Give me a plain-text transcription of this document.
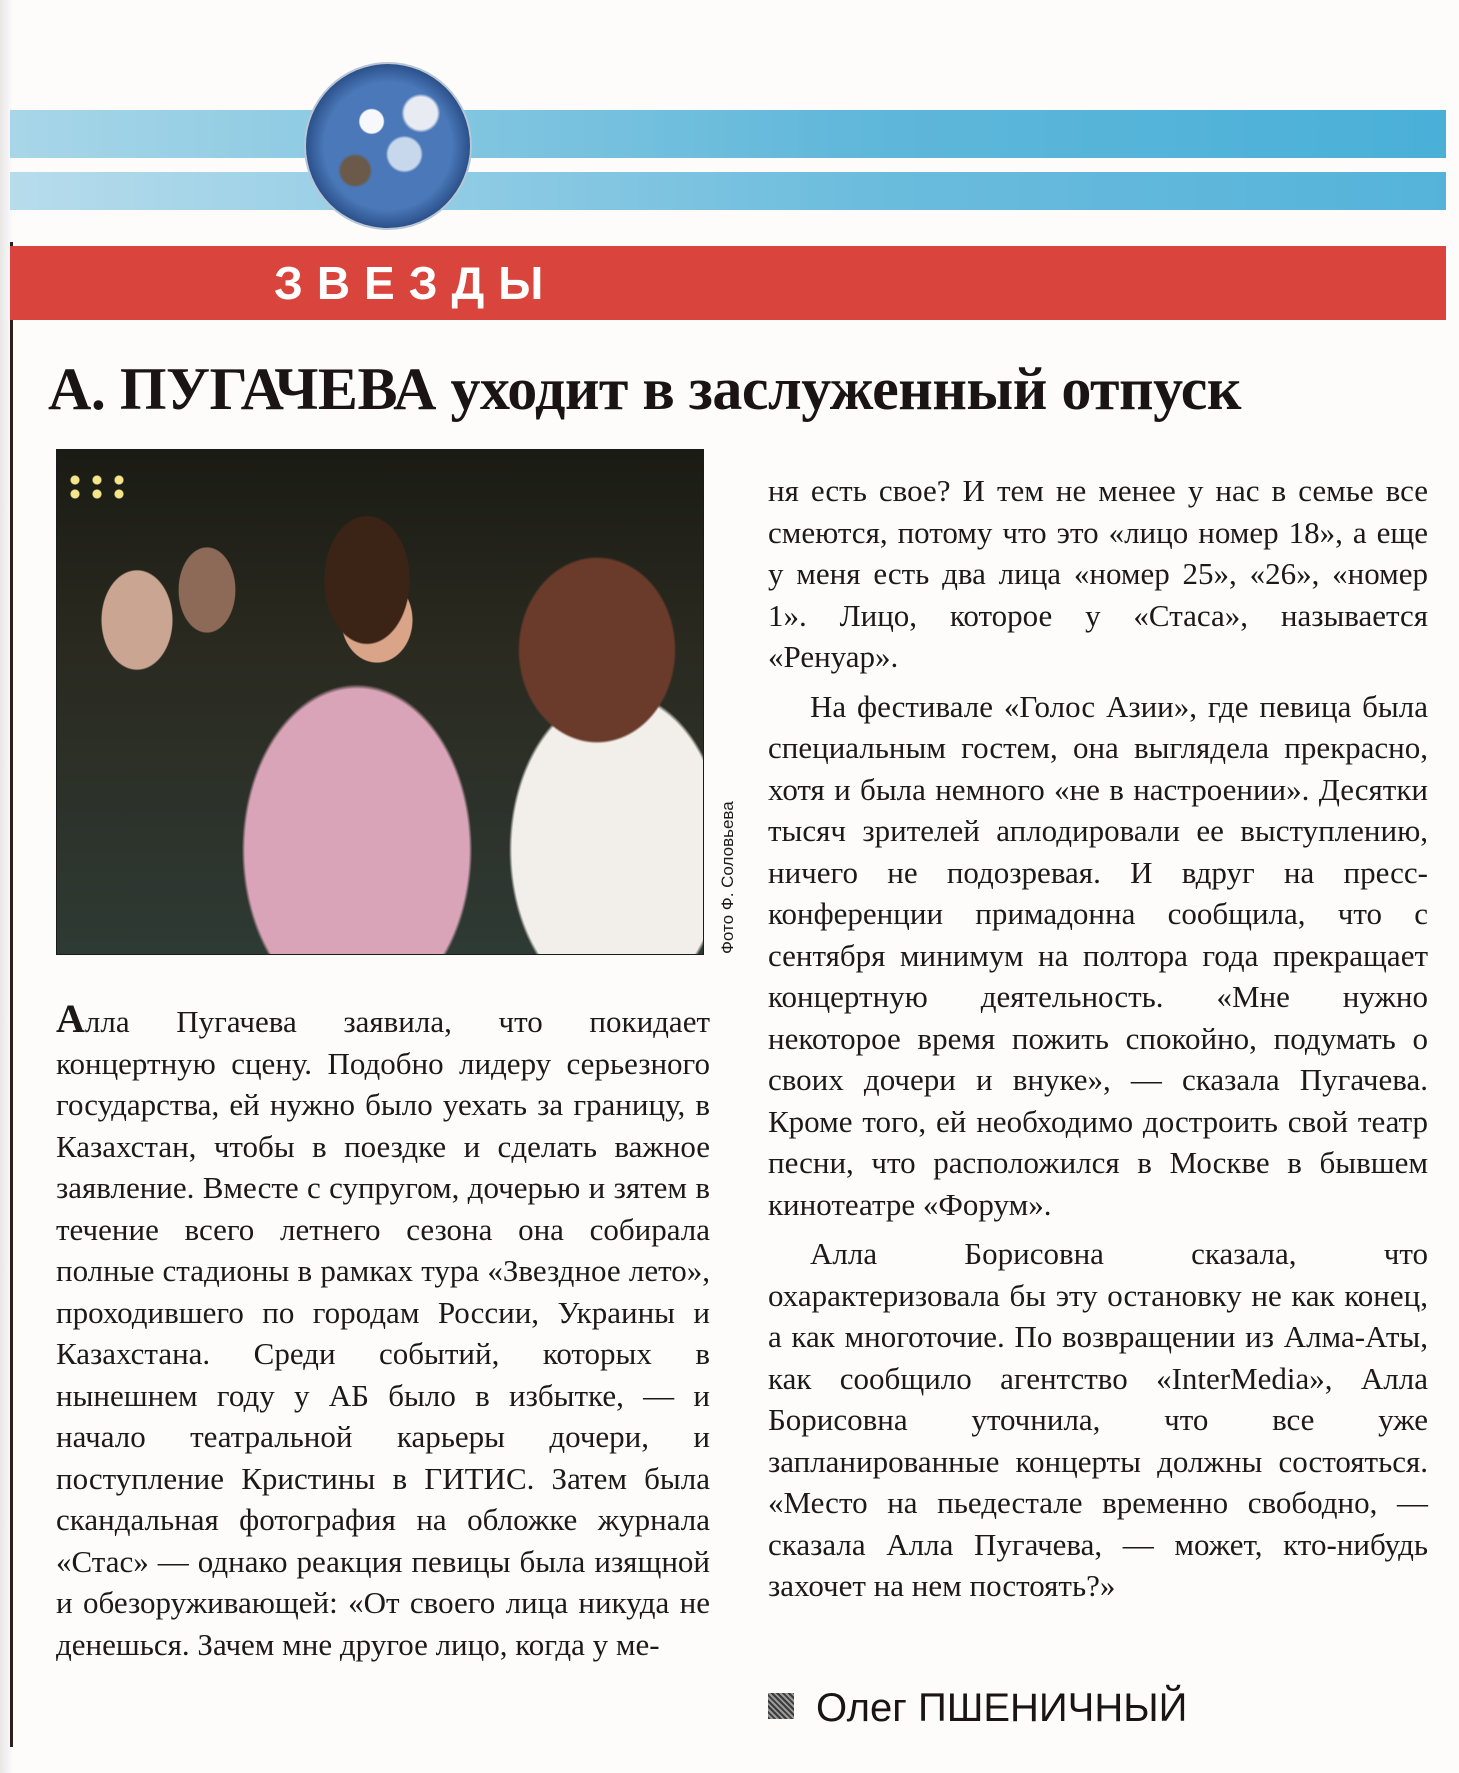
ЗВЕЗДЫ
А. ПУГАЧЕВА уходит в заслуженный отпуск
Фото Ф. Соловьева

Алла Пугачева заявила, что покидает концертную сцену. Подобно лидеру серьезного государства, ей нужно было уехать за границу, в Казахстан, чтобы в поездке и сделать важное заявление. Вместе с супругом, дочерью и зятем в течение всего летнего сезона она собирала полные стадионы в рамках тура «Звездное лето», проходившего по городам России, Украины и Казахстана. Среди событий, которых в нынешнем году у АБ было в избытке, — и начало театральной карьеры дочери, и поступление Кристины в ГИТИС. Затем была скандальная фотография на обложке журнала «Стас» — однако реакция певицы была изящной и обезоруживающей: «От своего лица никуда не денешься. Зачем мне другое лицо, когда у ме-

ня есть свое? И тем не менее у нас в семье все смеются, потому что это «лицо номер 18», а еще у меня есть два лица «номер 25», «26», «номер 1». Лицо, которое у «Стаса», называется «Ренуар».

На фестивале «Голос Азии», где певица была специальным гостем, она выглядела прекрасно, хотя и была немного «не в настроении». Десятки тысяч зрителей аплодировали ее выступлению, ничего не подозревая. И вдруг на пресс-конференции примадонна сообщила, что с сентября минимум на полтора года прекращает концертную деятельность. «Мне нужно некоторое время пожить спокойно, подумать о своих дочери и внуке», — сказала Пугачева. Кроме того, ей необходимо достроить свой театр песни, что расположился в Москве в бывшем кинотеатре «Форум».

Алла Борисовна сказала, что охарактеризовала бы эту остановку не как конец, а как многоточие. По возвращении из Алма-Аты, как сообщило агентство «InterMedia», Алла Борисовна уточнила, что все уже запланированные концерты должны состояться. «Место на пьедестале временно свободно, — сказала Алла Пугачева, — может, кто-нибудь захочет на нем постоять?»

Олег ПШЕНИЧНЫЙ
